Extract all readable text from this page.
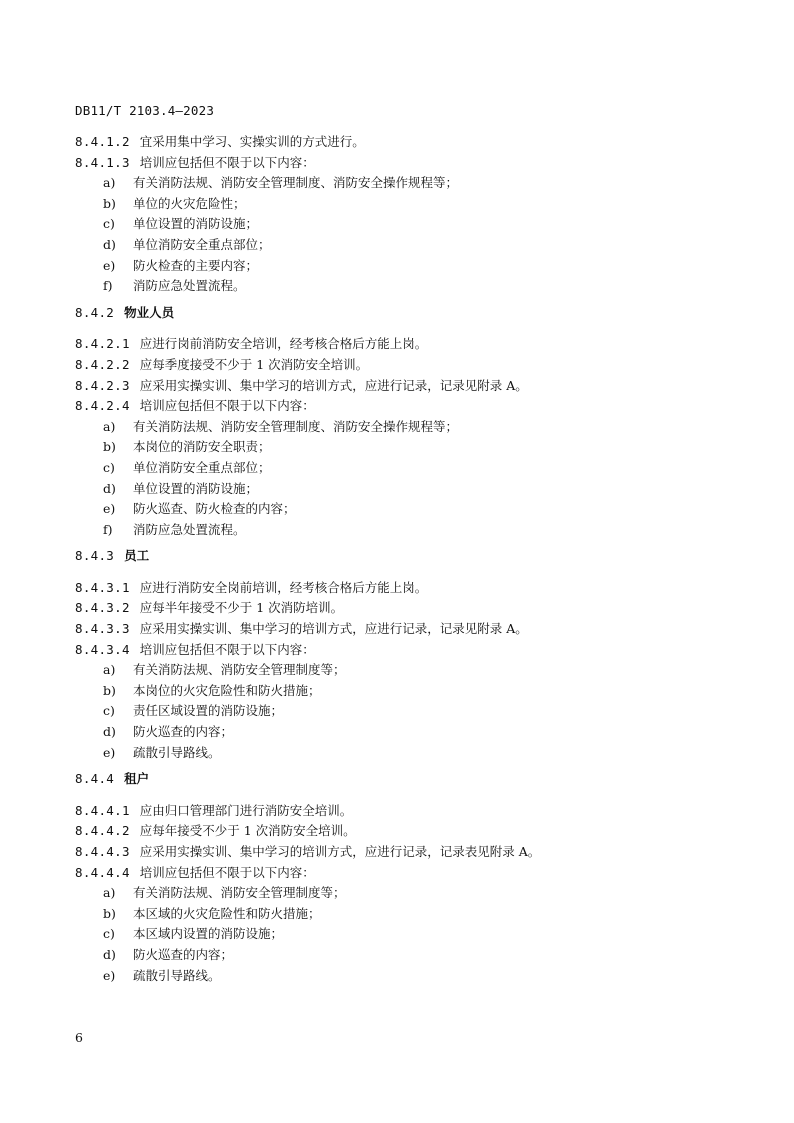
DB11/T 2103.4—2023
8.4.1.2 宜采用集中学习、实操实训的方式进行。
8.4.1.3 培训应包括但不限于以下内容：
a) 有关消防法规、消防安全管理制度、消防安全操作规程等；
b) 单位的火灾危险性；
c) 单位设置的消防设施；
d) 单位消防安全重点部位；
e) 防火检查的主要内容；
f) 消防应急处置流程。
8.4.2 物业人员
8.4.2.1 应进行岗前消防安全培训，经考核合格后方能上岗。
8.4.2.2 应每季度接受不少于 1 次消防安全培训。
8.4.2.3 应采用实操实训、集中学习的培训方式，应进行记录，记录见附录 A。
8.4.2.4 培训应包括但不限于以下内容：
a) 有关消防法规、消防安全管理制度、消防安全操作规程等；
b) 本岗位的消防安全职责；
c) 单位消防安全重点部位；
d) 单位设置的消防设施；
e) 防火巡查、防火检查的内容；
f) 消防应急处置流程。
8.4.3 员工
8.4.3.1 应进行消防安全岗前培训，经考核合格后方能上岗。
8.4.3.2 应每半年接受不少于 1 次消防培训。
8.4.3.3 应采用实操实训、集中学习的培训方式，应进行记录，记录见附录 A。
8.4.3.4 培训应包括但不限于以下内容：
a) 有关消防法规、消防安全管理制度等；
b) 本岗位的火灾危险性和防火措施；
c) 责任区域设置的消防设施；
d) 防火巡查的内容；
e) 疏散引导路线。
8.4.4 租户
8.4.4.1 应由归口管理部门进行消防安全培训。
8.4.4.2 应每年接受不少于 1 次消防安全培训。
8.4.4.3 应采用实操实训、集中学习的培训方式，应进行记录，记录表见附录 A。
8.4.4.4 培训应包括但不限于以下内容：
a) 有关消防法规、消防安全管理制度等；
b) 本区域的火灾危险性和防火措施；
c) 本区域内设置的消防设施；
d) 防火巡查的内容；
e) 疏散引导路线。
6
